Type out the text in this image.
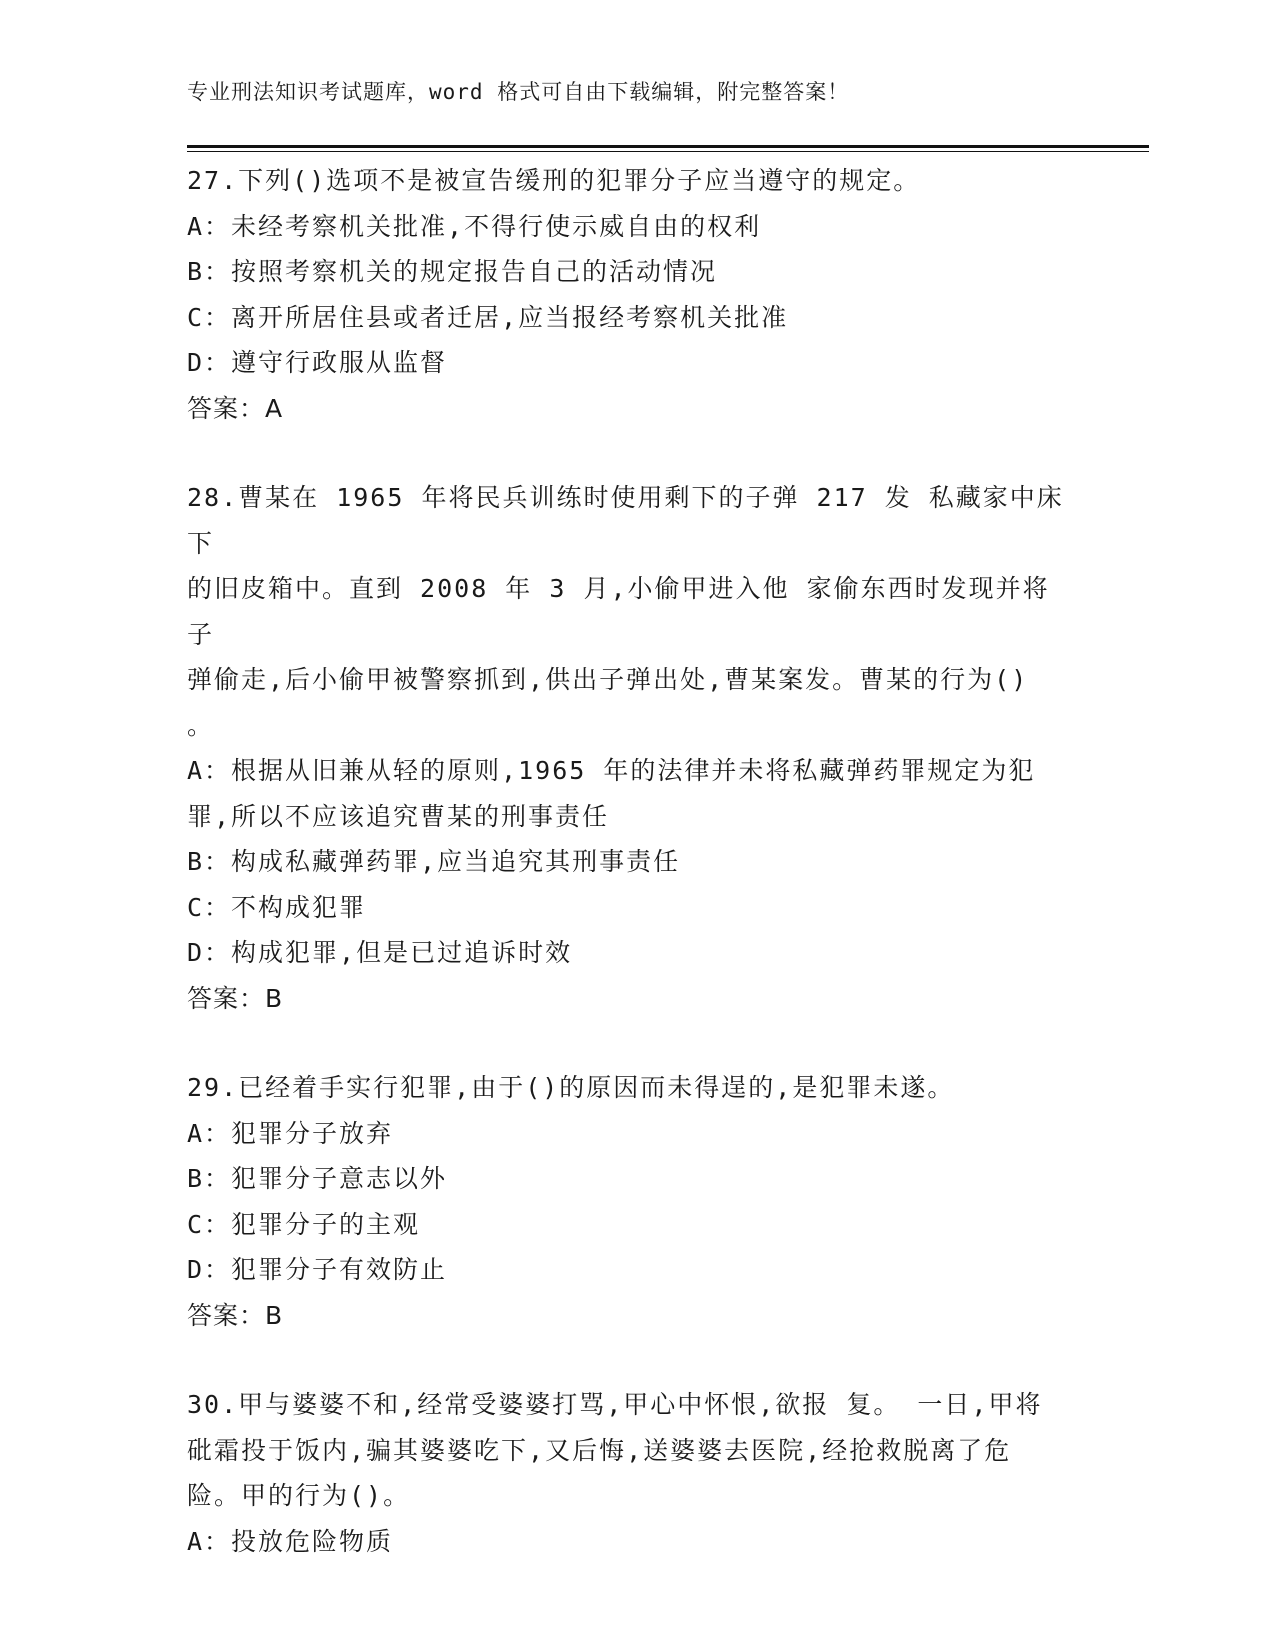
专业刑法知识考试题库，word 格式可自由下载编辑，附完整答案！
27.下列()选项不是被宣告缓刑的犯罪分子应当遵守的规定。
A：未经考察机关批准,不得行使示威自由的权利
B：按照考察机关的规定报告自己的活动情况
C：离开所居住县或者迁居,应当报经考察机关批准
D：遵守行政服从监督
答案：A
28.曹某在 1965 年将民兵训练时使用剩下的子弹 217 发 私藏家中床下
的旧皮箱中。直到 2008 年 3 月,小偷甲进入他 家偷东西时发现并将子
弹偷走,后小偷甲被警察抓到,供出子弹出处,曹某案发。曹某的行为()
。
A：根据从旧兼从轻的原则,1965 年的法律并未将私藏弹药罪规定为犯
罪,所以不应该追究曹某的刑事责任
B：构成私藏弹药罪,应当追究其刑事责任
C：不构成犯罪
D：构成犯罪,但是已过追诉时效
答案：B
29.已经着手实行犯罪,由于()的原因而未得逞的,是犯罪未遂。
A：犯罪分子放弃
B：犯罪分子意志以外
C：犯罪分子的主观
D：犯罪分子有效防止
答案：B
30.甲与婆婆不和,经常受婆婆打骂,甲心中怀恨,欲报 复。 一日,甲将
砒霜投于饭内,骗其婆婆吃下,又后悔,送婆婆去医院,经抢救脱离了危
险。甲的行为()。
A：投放危险物质
